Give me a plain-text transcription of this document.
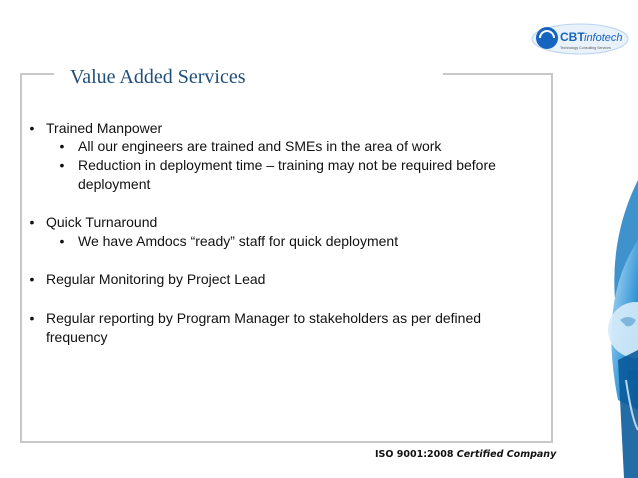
CBT infotech
Technology Consulting Services
Value Added Services
• Trained Manpower
• All our engineers are trained and SMEs in the area of work
• Reduction in deployment time – training may not be required before
deployment
• Quick Turnaround
• We have Amdocs “ready” staff for quick deployment
• Regular Monitoring by Project Lead
• Regular reporting by Program Manager to stakeholders as per defined
frequency
ISO 9001:2008 Certified Company
